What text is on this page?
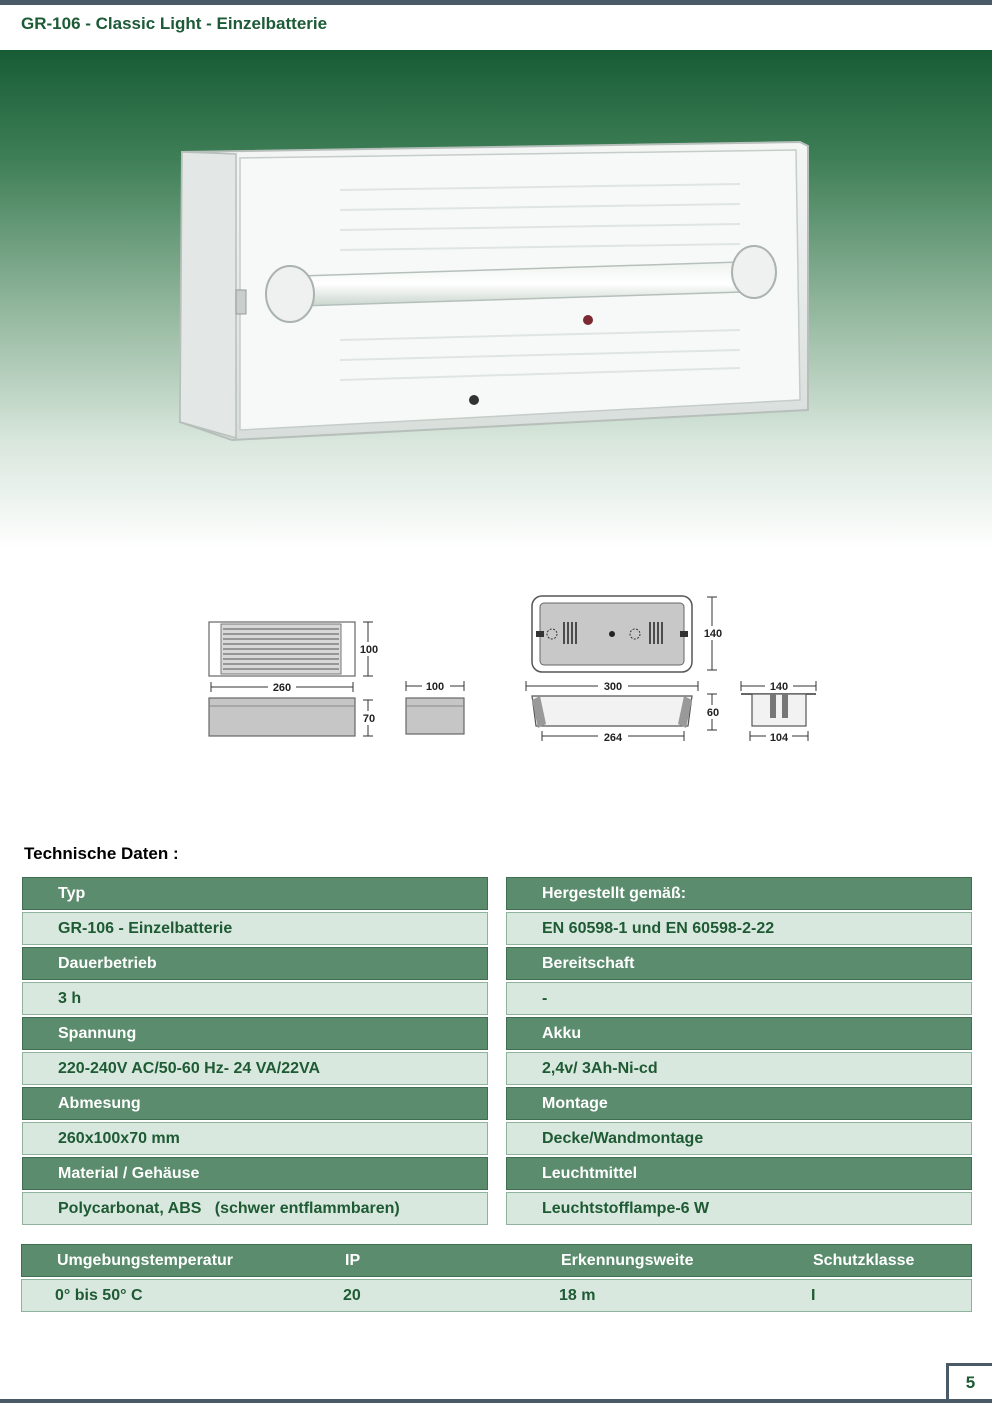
GR-106 - Classic Light - Einzelbatterie
100
260
70
100
140
300
60
264
140
104
Technische Daten :
Typ
GR-106 - Einzelbatterie
Dauerbetrieb
3 h
Spannung
220-240V AC/50-60 Hz- 24 VA/22VA
Abmesung
260x100x70 mm
Material / Gehäuse
Polycarbonat, ABS   (schwer entflammbaren)
Hergestellt gemäß:
EN 60598-1 und EN 60598-2-22
Bereitschaft
-
Akku
2,4v/ 3Ah-Ni-cd
Montage
Decke/Wandmontage
Leuchtmittel
Leuchtstofflampe-6 W
Umgebungstemperatur	IP	Erkennungsweite	Schutzklasse
0° bis 50° C	20	18 m	I
5
